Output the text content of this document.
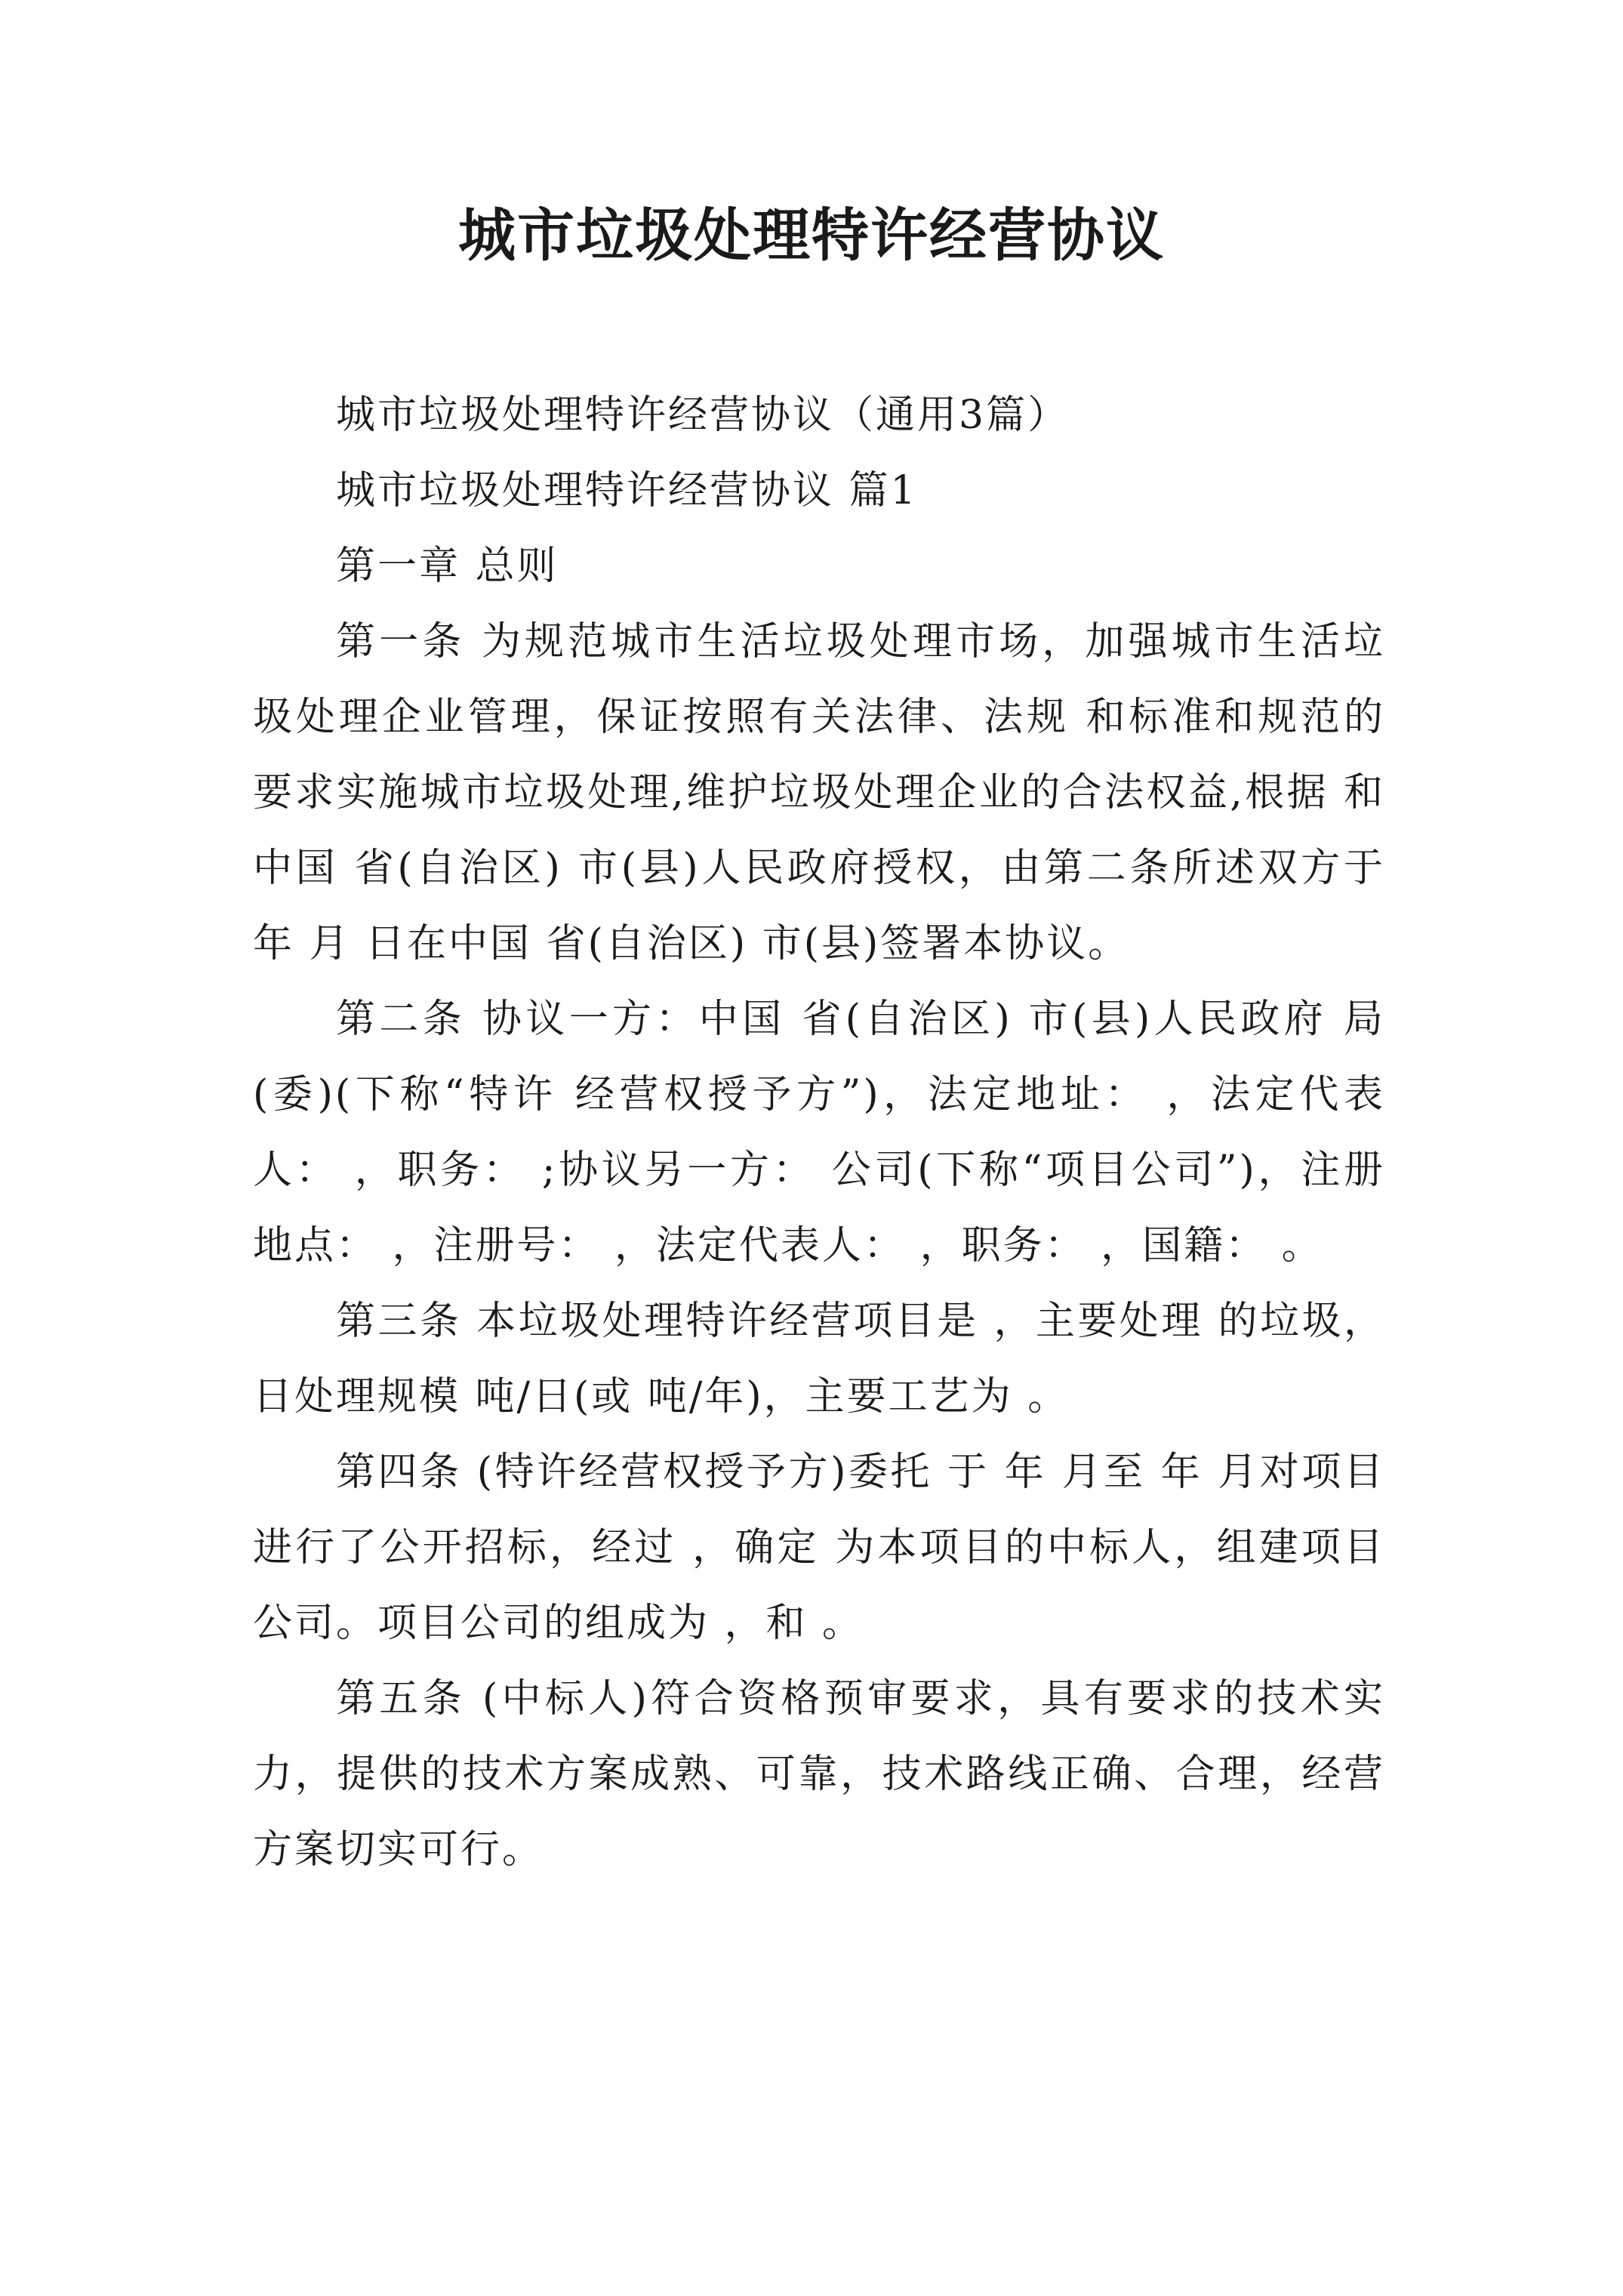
城市垃圾处理特许经营协议

城市垃圾处理特许经营协议（通用3篇）

城市垃圾处理特许经营协议 篇1

第一章 总则

第一条 为规范城市生活垃圾处理市场，加强城市生活垃圾处理企业管理，保证按照有关法律、法规 和标准和规范的要求实施城市垃圾处理,维护垃圾处理企业的合法权益,根据 和中国 省(自治区) 市(县)人民政府授权，由第二条所述双方于 年 月 日在中国 省(自治区) 市(县)签署本协议。

第二条 协议一方：中国 省(自治区) 市(县)人民政府 局(委)(下称“特许 经营权授予方”)，法定地址： ，法定代表人： ，职务： ;协议另一方： 公司(下称“项目公司”)，注册地点： ，注册号： ，法定代表人： ，职务： ，国籍： 。

第三条 本垃圾处理特许经营项目是 ，主要处理 的垃圾，日处理规模 吨/日(或 吨/年)，主要工艺为 。

第四条 (特许经营权授予方)委托 于 年 月至 年 月对项目进行了公开招标，经过 ，确定 为本项目的中标人，组建项目公司。项目公司的组成为 ，和 。

第五条 (中标人)符合资格预审要求，具有要求的技术实力，提供的技术方案成熟、可靠，技术路线正确、合理，经营方案切实可行。
